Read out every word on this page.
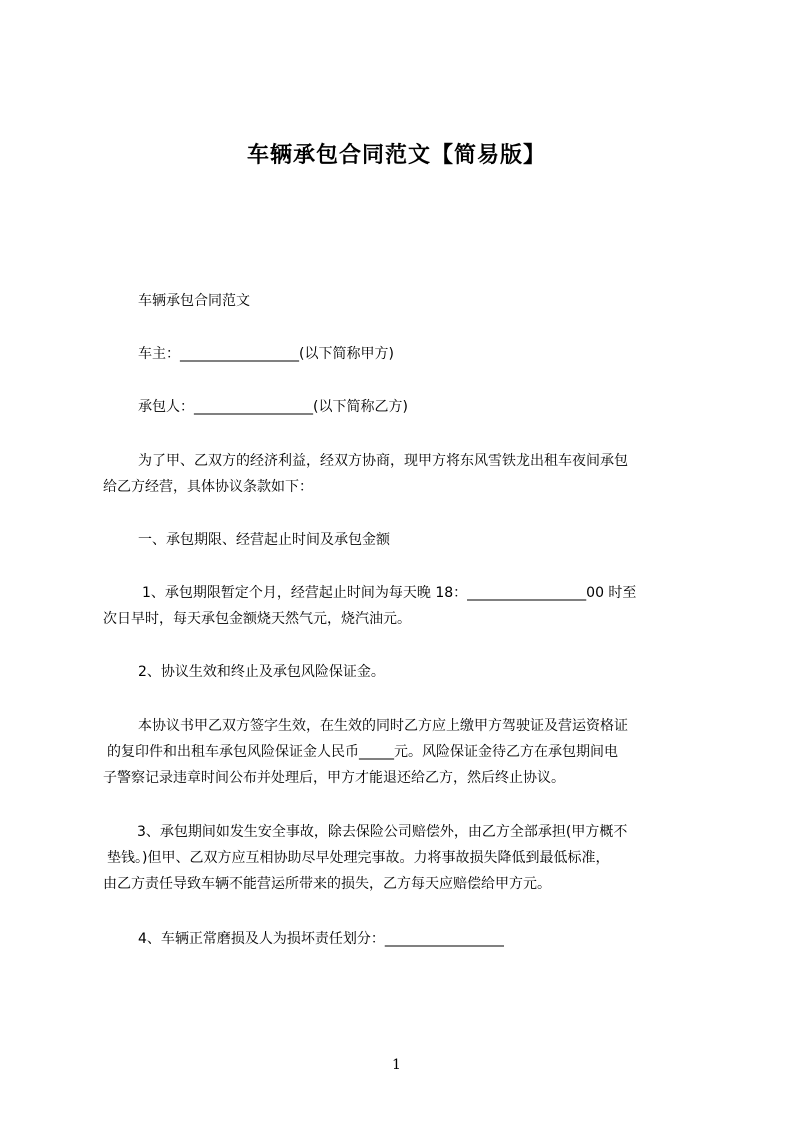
车辆承包合同范文【简易版】
车辆承包合同范文
车主：_________________(以下简称甲方)
承包人：_________________(以下简称乙方)
为了甲、乙双方的经济利益，经双方协商，现甲方将东风雪铁龙出租车夜间承包
给乙方经营，具体协议条款如下：
一、承包期限、经营起止时间及承包金额
1、承包期限暂定个月，经营起止时间为每天晚 18：_________________00 时至
次日早时，每天承包金额烧天然气元，烧汽油元。
2、协议生效和终止及承包风险保证金。
本协议书甲乙双方签字生效，在生效的同时乙方应上缴甲方驾驶证及营运资格证
的复印件和出租车承包风险保证金人民币_____元。风险保证金待乙方在承包期间电
子警察记录违章时间公布并处理后，甲方才能退还给乙方，然后终止协议。
3、承包期间如发生安全事故，除去保险公司赔偿外，由乙方全部承担(甲方概不
垫钱。)但甲、乙双方应互相协助尽早处理完事故。力将事故损失降低到最低标准，
由乙方责任导致车辆不能营运所带来的损失，乙方每天应赔偿给甲方元。
4、车辆正常磨损及人为损坏责任划分：_________________
1
